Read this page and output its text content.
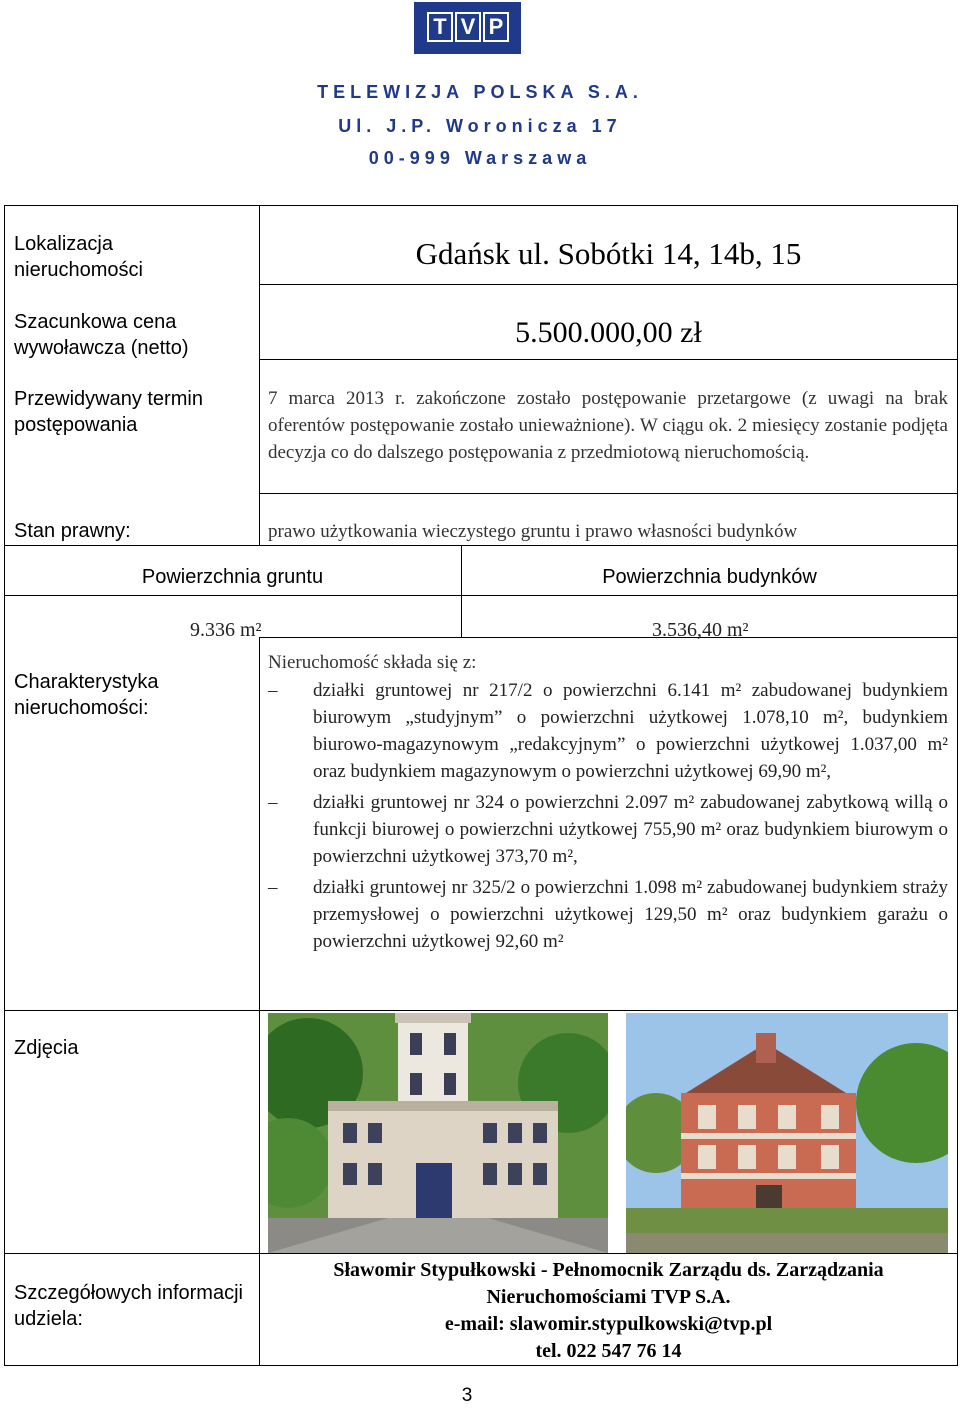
T V P
TELEWIZJA POLSKA S.A.
Ul. J.P. Woronicza 17
00-999 Warszawa
Lokalizacja nieruchomości
Szacunkowa cena wywoławcza (netto)
Przewidywany termin postępowania
Stan prawny:
Gdańsk ul. Sobótki 14, 14b, 15
5.500.000,00 zł
7 marca 2013 r. zakończone zostało postępowanie przetargowe (z uwagi na brak oferentów postępowanie zostało unieważnione). W ciągu ok. 2 miesięcy zostanie podjęta decyzja co do dalszego postępowania z przedmiotową nieruchomością.
prawo użytkowania wieczystego gruntu i prawo własności budynków
Powierzchnia gruntu	Powierzchnia budynków
9.336 m²	3.536,40 m²
Charakterystyka nieruchomości:
Nieruchomość składa się z:
– działki gruntowej nr 217/2 o powierzchni 6.141 m² zabudowanej budynkiem biurowym „studyjnym” o powierzchni użytkowej 1.078,10 m², budynkiem biurowo-magazynowym „redakcyjnym” o powierzchni użytkowej 1.037,00 m² oraz budynkiem magazynowym o powierzchni użytkowej 69,90 m²,
– działki gruntowej nr 324 o powierzchni 2.097 m² zabudowanej zabytkową willą o funkcji biurowej o powierzchni użytkowej 755,90 m² oraz budynkiem biurowym o powierzchni użytkowej 373,70 m²,
– działki gruntowej nr 325/2 o powierzchni 1.098 m² zabudowanej budynkiem straży przemysłowej o powierzchni użytkowej 129,50 m² oraz budynkiem garażu o powierzchni użytkowej 92,60 m²
Zdjęcia
Szczegółowych informacji udziela:
Sławomir Stypułkowski - Pełnomocnik Zarządu ds. Zarządzania
Nieruchomościami TVP S.A.
e-mail: slawomir.stypulkowski@tvp.pl
tel. 022 547 76 14
3
